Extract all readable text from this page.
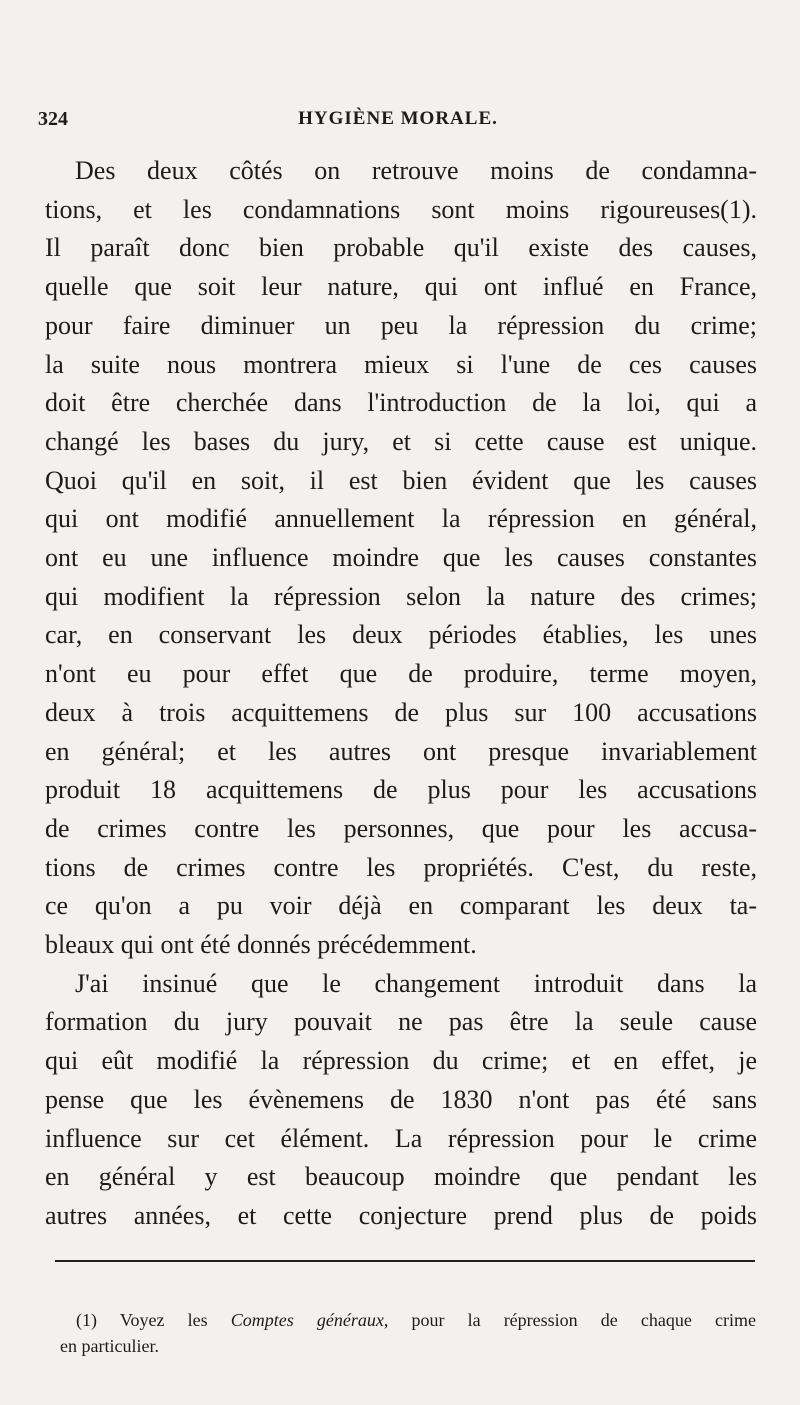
324	HYGIÈNE MORALE.
Des deux côtés on retrouve moins de condamna-
tions, et les condamnations sont moins rigoureuses(1).
Il paraît donc bien probable qu'il existe des causes,
quelle que soit leur nature, qui ont influé en France,
pour faire diminuer un peu la répression du crime;
la suite nous montrera mieux si l'une de ces causes
doit être cherchée dans l'introduction de la loi, qui a
changé les bases du jury, et si cette cause est unique.
Quoi qu'il en soit, il est bien évident que les causes
qui ont modifié annuellement la répression en général,
ont eu une influence moindre que les causes constantes
qui modifient la répression selon la nature des crimes;
car, en conservant les deux périodes établies, les unes
n'ont eu pour effet que de produire, terme moyen,
deux à trois acquittemens de plus sur 100 accusations
en général; et les autres ont presque invariablement
produit 18 acquittemens de plus pour les accusations
de crimes contre les personnes, que pour les accusa-
tions de crimes contre les propriétés. C'est, du reste,
ce qu'on a pu voir déjà en comparant les deux ta-
bleaux qui ont été donnés précédemment.
J'ai insinué que le changement introduit dans la
formation du jury pouvait ne pas être la seule cause
qui eût modifié la répression du crime; et en effet, je
pense que les évènemens de 1830 n'ont pas été sans
influence sur cet élément. La répression pour le crime
en général y est beaucoup moindre que pendant les
autres années, et cette conjecture prend plus de poids
(1) Voyez les Comptes généraux, pour la répression de chaque crime
en particulier.
